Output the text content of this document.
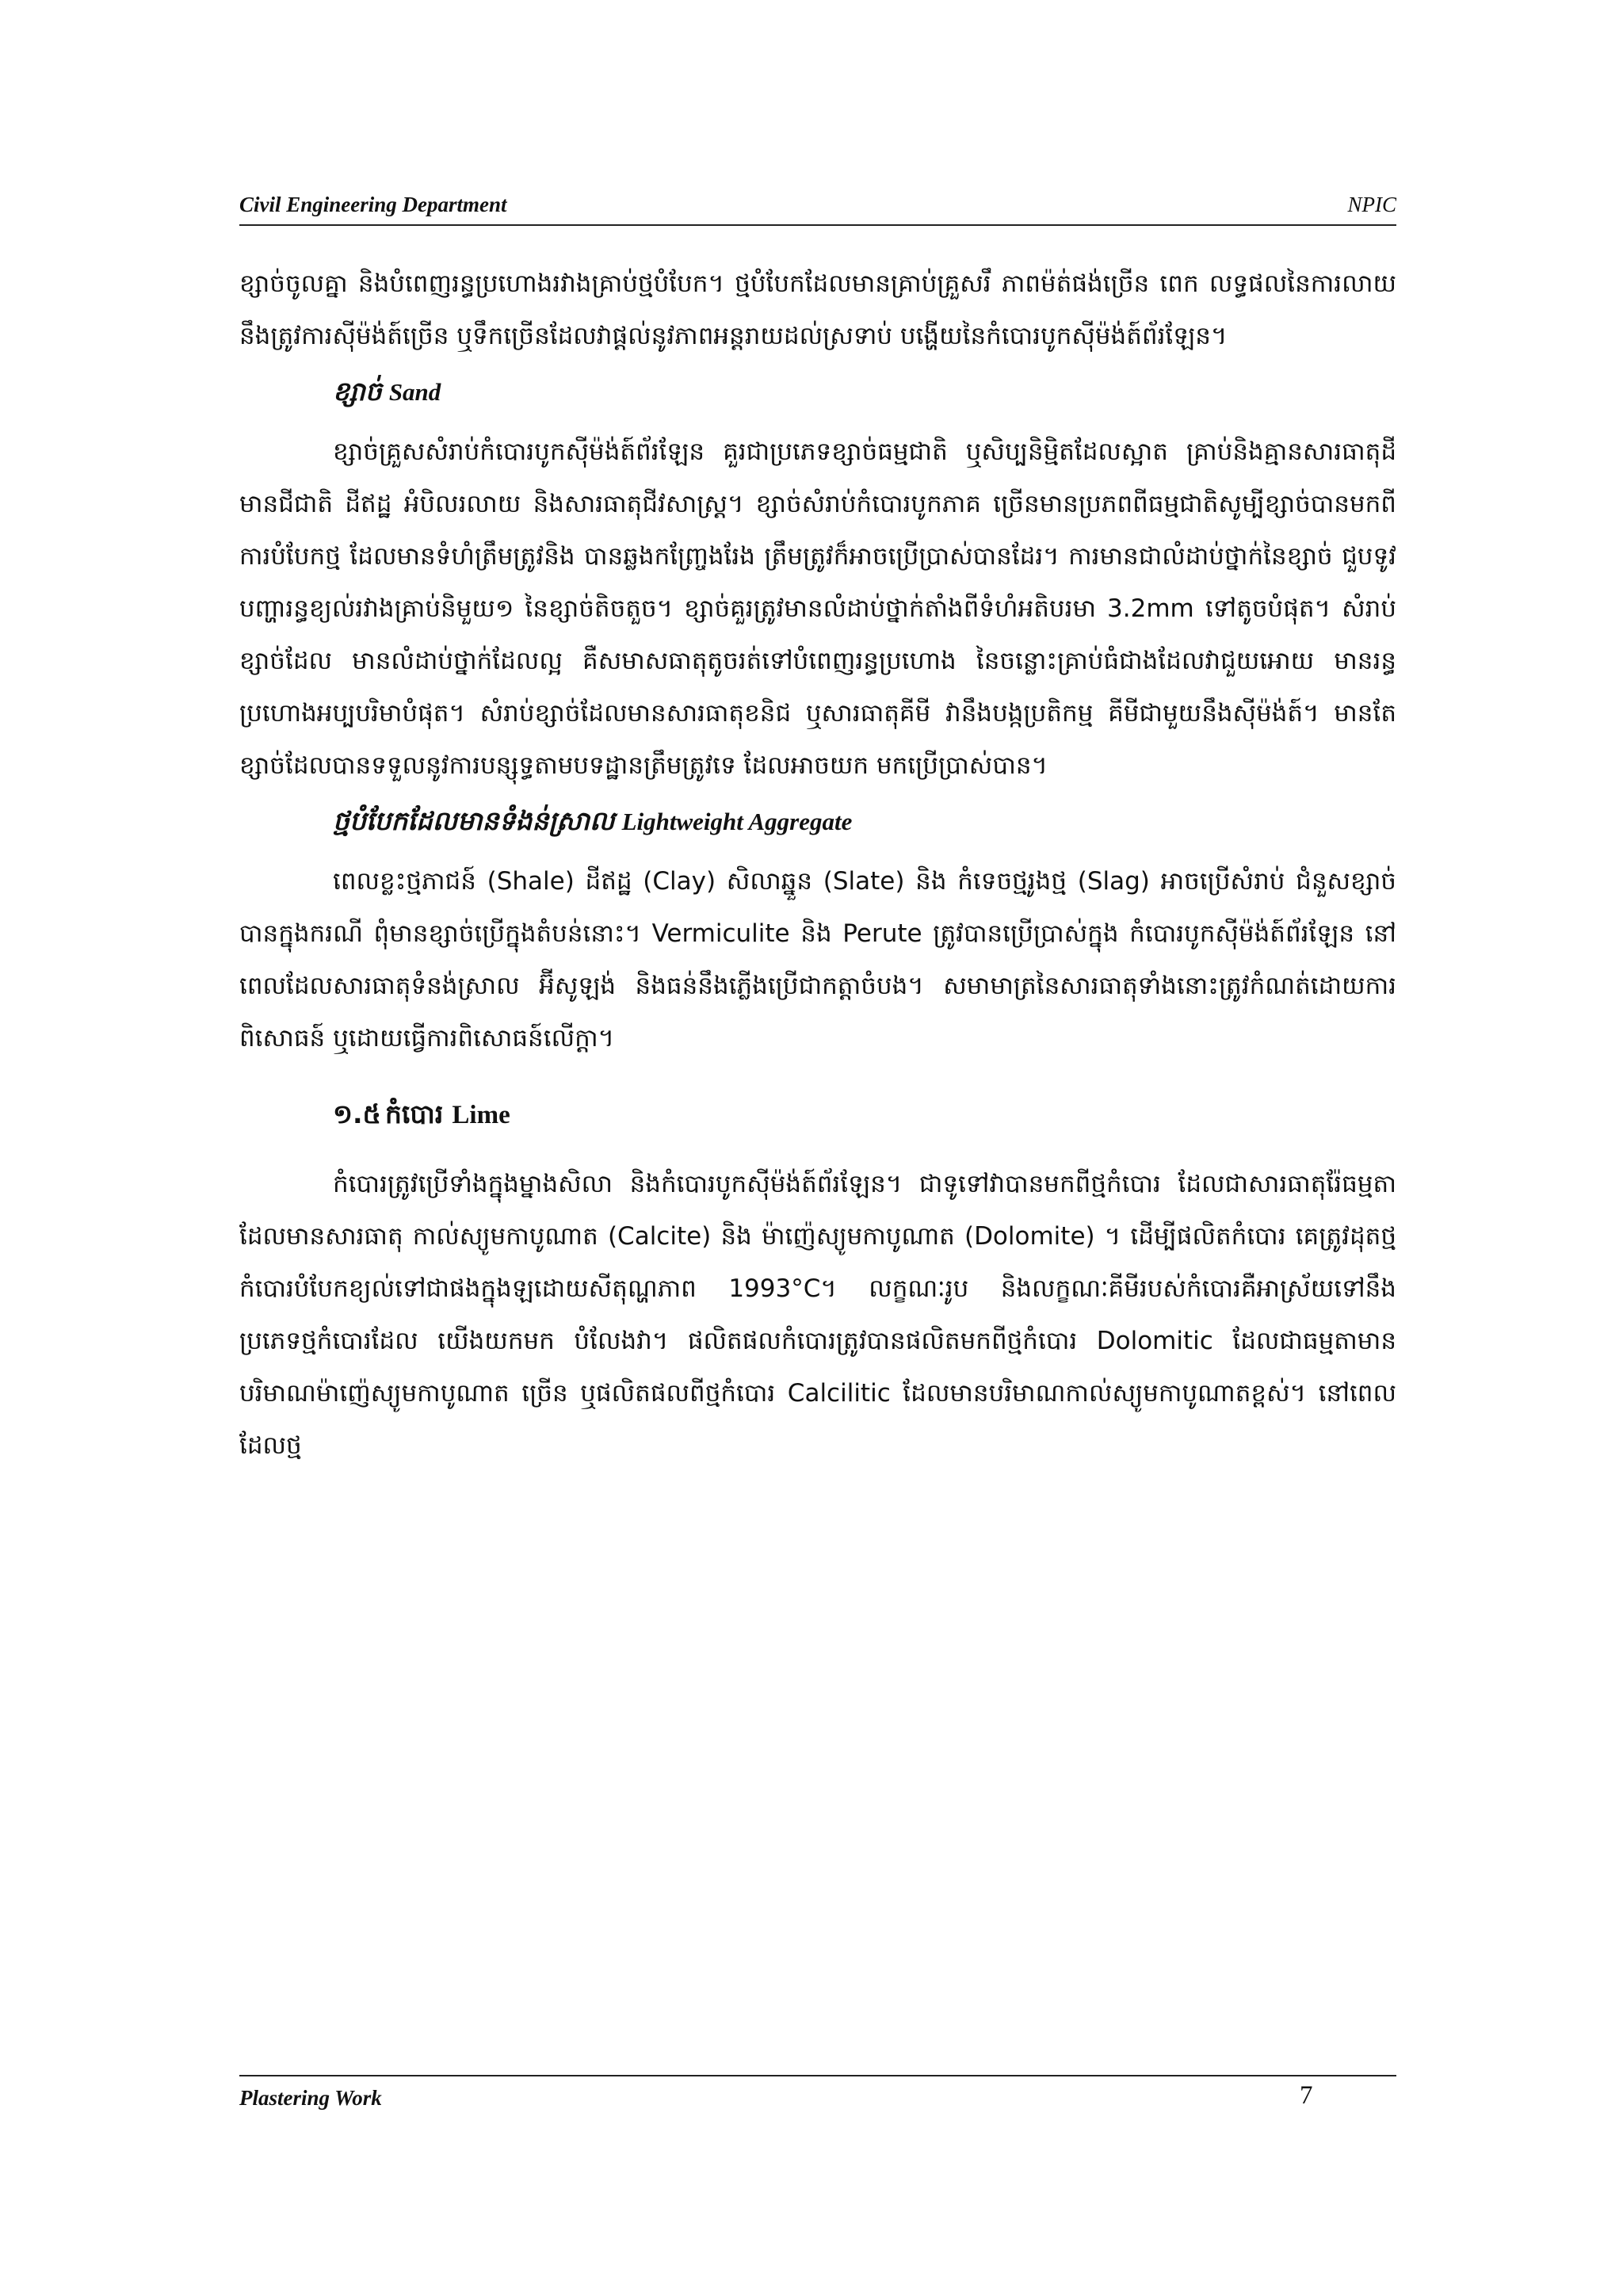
Civil Engineering Department	NPIC

ខ្សាច់ចូលគ្នា និងបំពេញរន្ធប្រហោងរវាងគ្រាប់ថ្មបំបែក។ ថ្មបំបែកដែលមានគ្រាប់គ្រួសរឹ ភាពម៉ត់ផង់ច្រើន ពេក លទ្ធផលនៃការលាយនឹងត្រូវការស៊ីម៉ង់ត៍ច្រើន ឬទឹកច្រើនដែលវាផ្តល់នូវភាពអន្តរាយដល់ស្រទាប់ បង្ហើយនៃកំបោរបូកស៊ីម៉ង់ត៍ព័រឡែន។

ខ្សាច់ Sand

ខ្សាច់គ្រួសសំរាប់កំបោរបូកស៊ីម៉ង់ត៍ព័រឡែន គួរជាប្រភេទខ្សាច់ធម្មជាតិ ឬសិប្បនិម្មិតដែលស្អាត គ្រាប់និងគ្មានសារធាតុដីមានជីជាតិ ដីឥដ្ឋ អំបិលរលាយ និងសារធាតុជីវសាស្ត្រ។ ខ្សាច់សំរាប់កំបោរបូកភាគ ច្រើនមានប្រភពពីធម្មជាតិសូម្បីខ្សាច់បានមកពីការបំបែកថ្ម ដែលមានទំហំត្រឹមត្រូវនិង បានឆ្លងកញ្ច្រែងរែង ត្រឹមត្រូវក៏អាចប្រើប្រាស់បានដែរ។ ការមានជាលំដាប់ថ្នាក់នៃខ្សាច់ ជួបទូវបញ្ហារន្ធខ្យល់រវាងគ្រាប់និមួយ១ នៃខ្សាច់តិចតួច។ ខ្សាច់គួរត្រូវមានលំដាប់ថ្នាក់តាំងពីទំហំអតិបរមា 3.2mm ទៅតូចបំផុត។ សំរាប់ខ្សាច់ដែល មានលំដាប់ថ្នាក់ដែលល្អ គឺសមាសធាតុតូចរត់ទៅបំពេញរន្ធប្រហោង នៃចន្លោះគ្រាប់ធំជាងដែលវាជួយអោយ មានរន្ធប្រហោងអប្បបរិមាបំផុត។ សំរាប់ខ្សាច់ដែលមានសារធាតុខនិជ ឬសារធាតុគីមី វានឹងបង្កប្រតិកម្ម គីមីជាមួយនឹងស៊ីម៉ង់ត៍។ មានតែខ្សាច់ដែលបានទទួលនូវការបន្សុទ្ធតាមបទដ្ឋានត្រឹមត្រូវទេ ដែលអាចយក មកប្រើប្រាស់បាន។

ថ្មបំបែកដែលមានទំងន់ស្រាល Lightweight Aggregate

ពេលខ្លះថ្មភាជន៍ (Shale) ដីឥដ្ឋ (Clay) សិលាឆ្នួន (Slate) និង កំទេចថ្មរូងថ្ម (Slag) អាចប្រើសំរាប់ ជំនួសខ្សាច់បានក្នុងករណី ពុំមានខ្សាច់ប្រើក្នុងតំបន់នោះ។ Vermiculite និង Perute ត្រូវបានប្រើប្រាស់ក្នុង កំបោរបូកស៊ីម៉ង់ត៍ព័រឡែន នៅពេលដែលសារធាតុទំនង់ស្រាល អ៊ីសូឡង់ និងធន់នឹងភ្លើងប្រើជាកត្តាចំបង។ សមាមាត្រនៃសារធាតុទាំងនោះត្រូវកំណត់ដោយការពិសោធន៍ ឬដោយធ្វើការពិសោធន៍លើក្តា។

១.៥ កំបោរ Lime

កំបោរត្រូវប្រើទាំងក្នុងម្នាងសិលា និងកំបោរបូកស៊ីម៉ង់ត៍ព័រឡែន។ ជាទូទៅវាបានមកពីថ្មកំបោរ ដែលជាសារធាតុរ៉ែធម្មតាដែលមានសារធាតុ កាល់ស្យូមកាបូណាត (Calcite) និង ម៉ាញ៉េស្យូមកាបូណាត (Dolomite) ។ ដើម្បីផលិតកំបោរ គេត្រូវដុតថ្មកំបោរបំបែកខ្យល់ទៅជាផងក្នុងឡដោយសីតុណ្ហភាព 1993°C។ លក្ខណៈរូប និងលក្ខណៈគីមីរបស់កំបោរគឺអាស្រ័យទៅនឹងប្រភេទថ្មកំបោរដែល យើងយកមក បំលែងវា។ ផលិតផលកំបោរត្រូវបានផលិតមកពីថ្មកំបោរ Dolomitic ដែលជាធម្មតាមានបរិមាណម៉ាញ៉េស្យូមកាបូណាត ច្រើន ឬផលិតផលពីថ្មកំបោរ Calcilitic ដែលមានបរិមាណកាល់ស្យូមកាបូណាតខ្ពស់។ នៅពេលដែលថ្ម

Plastering Work	7
